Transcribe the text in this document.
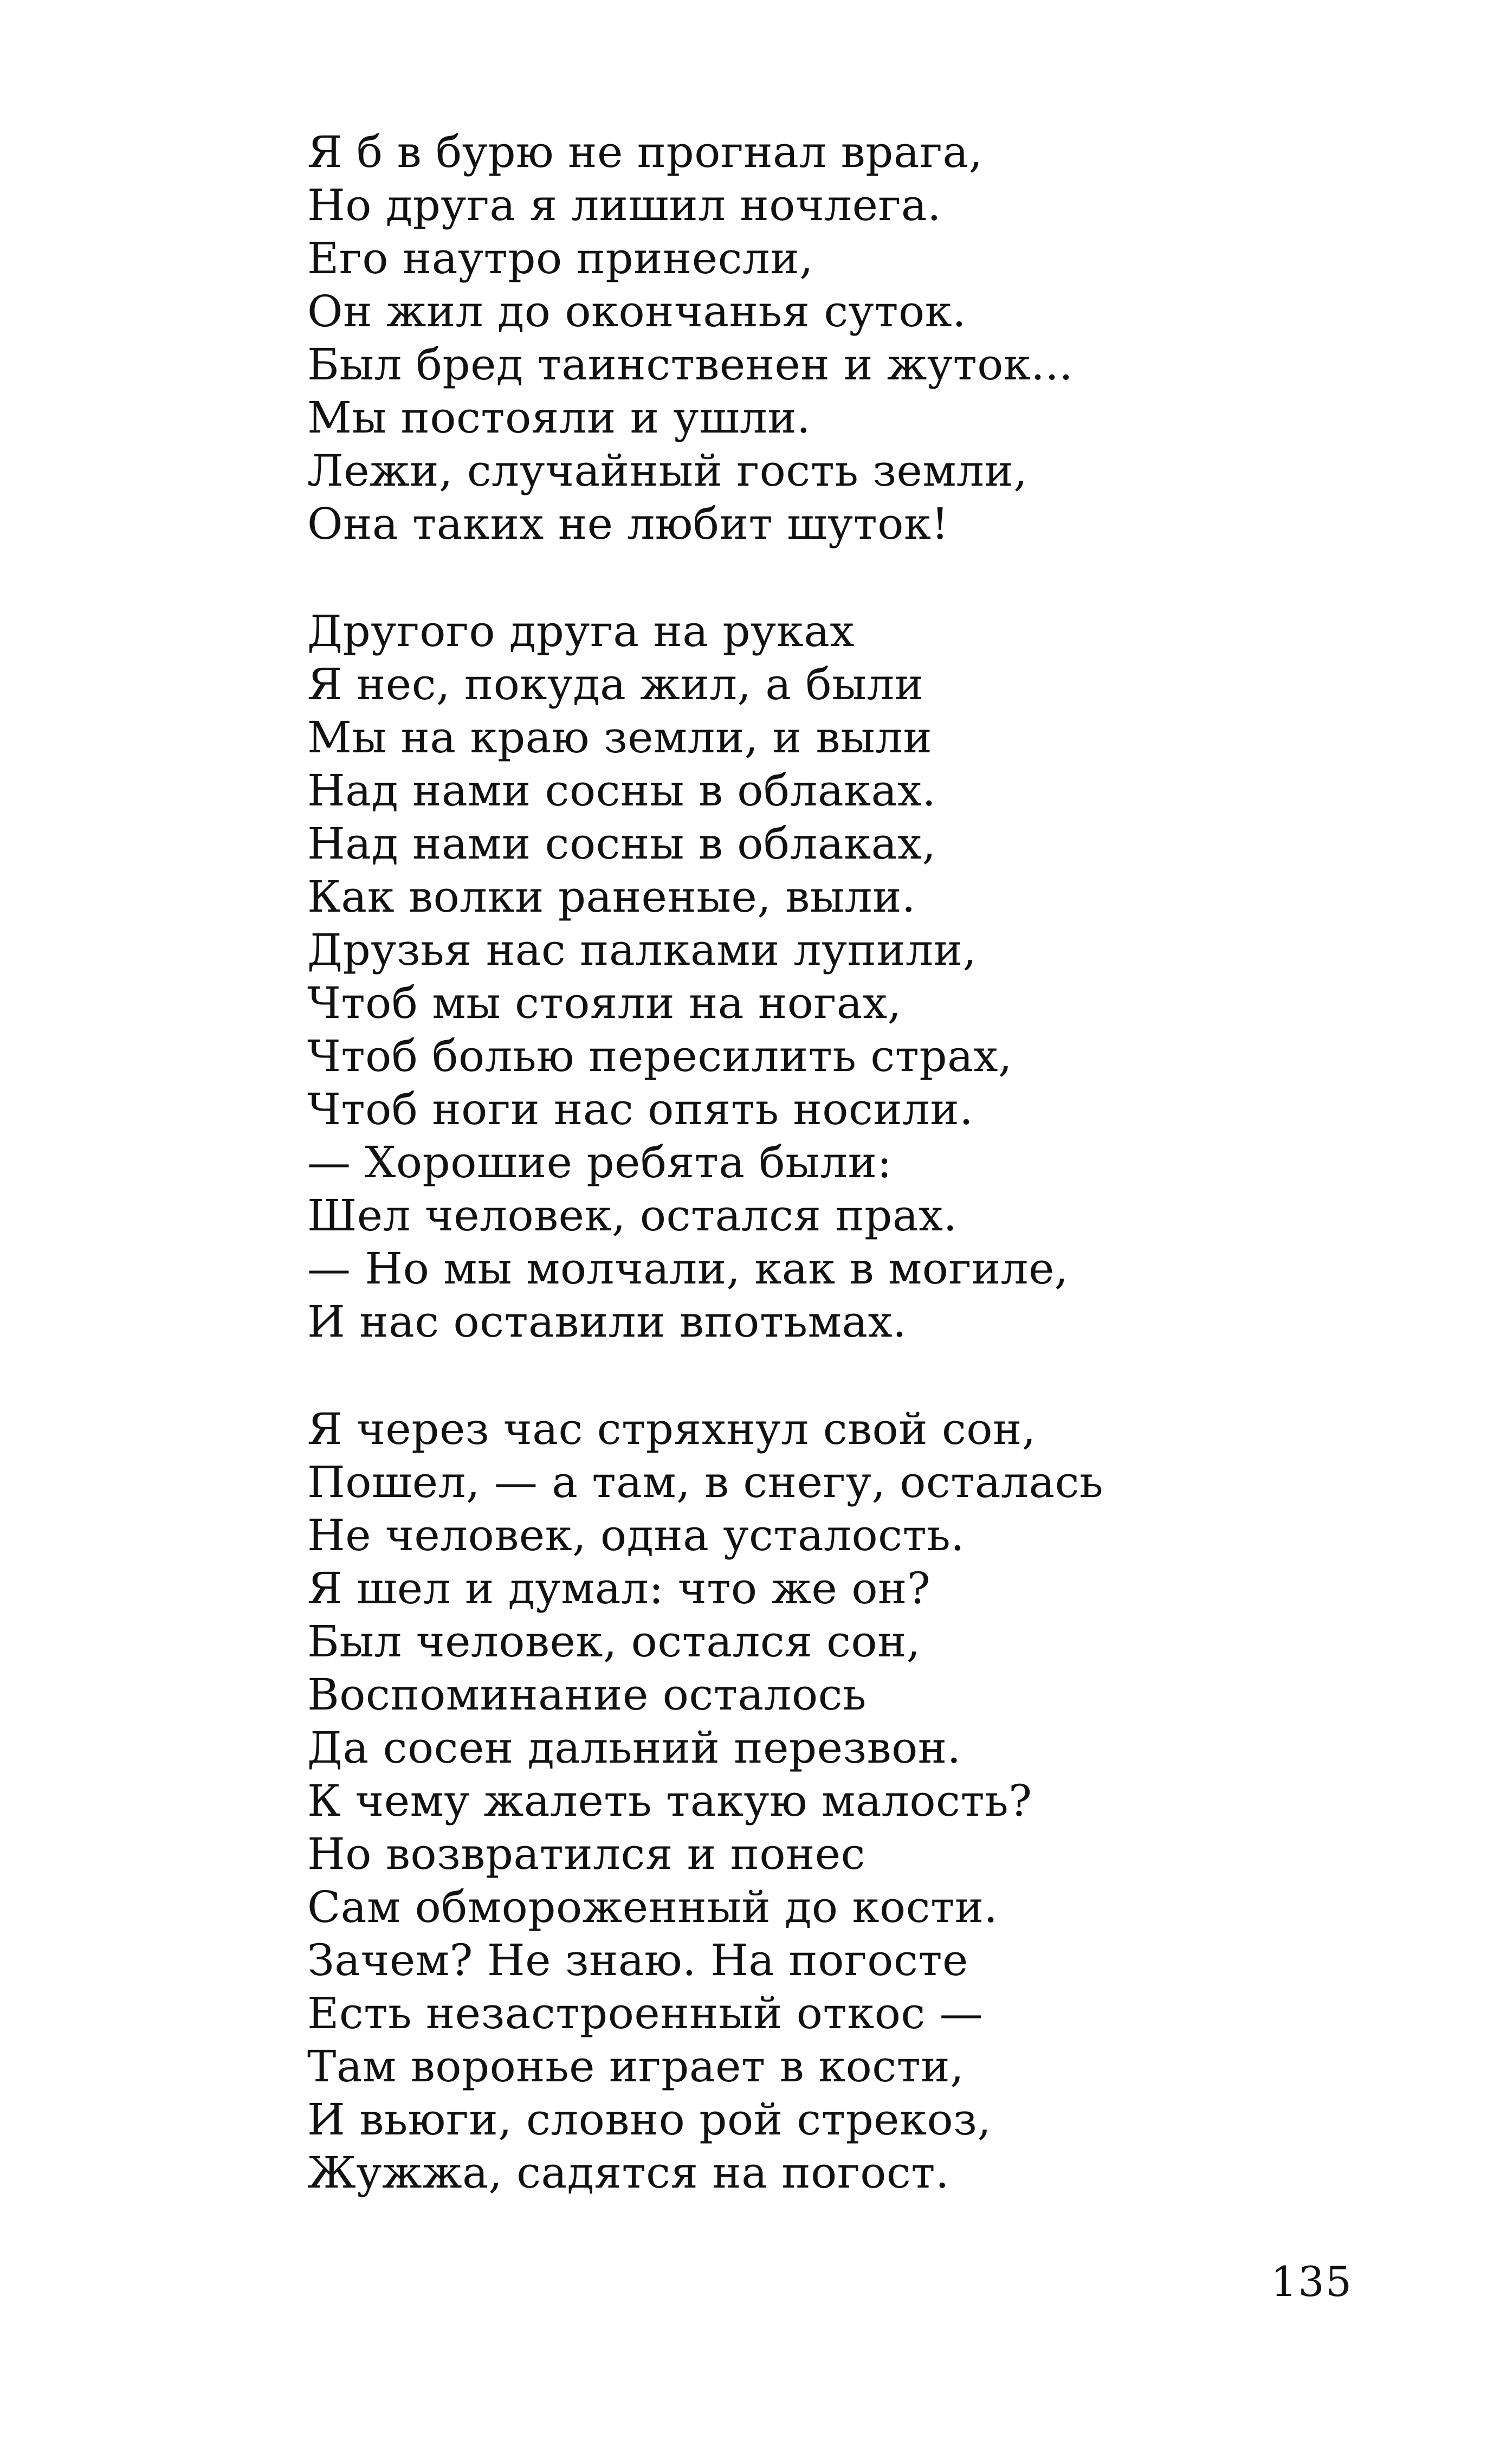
Я б в бурю не прогнал врага,
Но друга я лишил ночлега.
Его наутро принесли,
Он жил до окончанья суток.
Был бред таинственен и жуток...
Мы постояли и ушли.
Лежи, случайный гость земли,
Она таких не любит шуток!
Другого друга на руках
Я нес, покуда жил, а были
Мы на краю земли, и выли
Над нами сосны в облаках.
Над нами сосны в облаках,
Как волки раненые, выли.
Друзья нас палками лупили,
Чтоб мы стояли на ногах,
Чтоб болью пересилить страх,
Чтоб ноги нас опять носили.
— Хорошие ребята были:
Шел человек, остался прах.
— Но мы молчали, как в могиле,
И нас оставили впотьмах.
Я через час стряхнул свой сон,
Пошел, — а там, в снегу, осталась
Не человек, одна усталость.
Я шел и думал: что же он?
Был человек, остался сон,
Воспоминание осталось
Да сосен дальний перезвон.
К чему жалеть такую малость?
Но возвратился и понес
Сам обмороженный до кости.
Зачем? Не знаю. На погосте
Есть незастроенный откос —
Там воронье играет в кости,
И вьюги, словно рой стрекоз,
Жужжа, садятся на погост.
135
